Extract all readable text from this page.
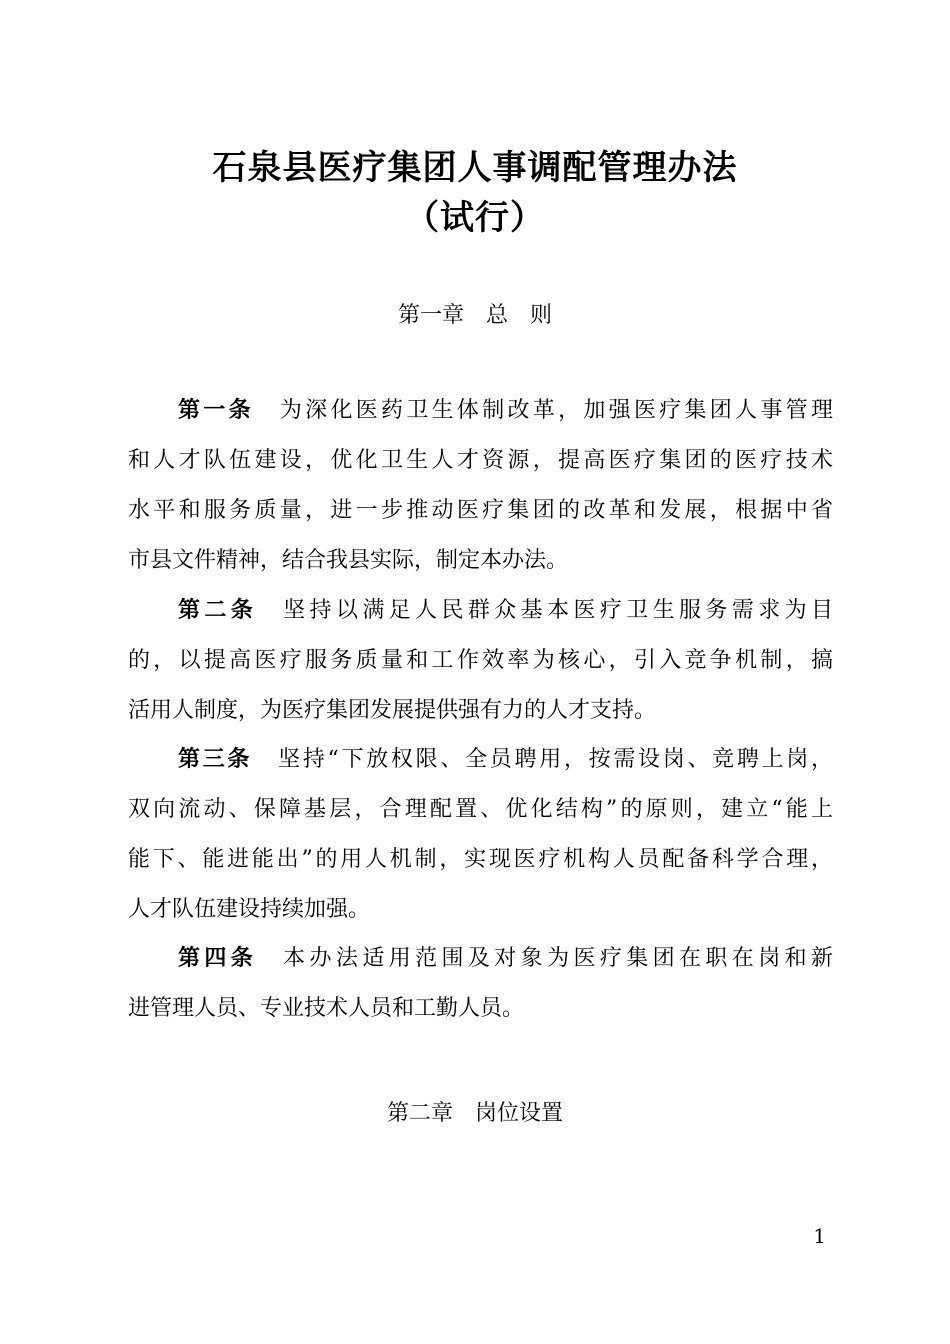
石泉县医疗集团人事调配管理办法
（试行）
第一章　总　则
第一条 为深化医药卫生体制改革，加强医疗集团人事管理
和人才队伍建设，优化卫生人才资源，提高医疗集团的医疗技术
水平和服务质量，进一步推动医疗集团的改革和发展，根据中省
市县文件精神，结合我县实际，制定本办法。
第二条 坚持以满足人民群众基本医疗卫生服务需求为目
的，以提高医疗服务质量和工作效率为核心，引入竞争机制，搞
活用人制度，为医疗集团发展提供强有力的人才支持。
第三条 坚持“下放权限、全员聘用，按需设岗、竞聘上岗，
双向流动、保障基层，合理配置、优化结构”的原则，建立“能上
能下、能进能出”的用人机制，实现医疗机构人员配备科学合理，
人才队伍建设持续加强。
第四条 本办法适用范围及对象为医疗集团在职在岗和新
进管理人员、专业技术人员和工勤人员。
第二章　岗位设置
1
